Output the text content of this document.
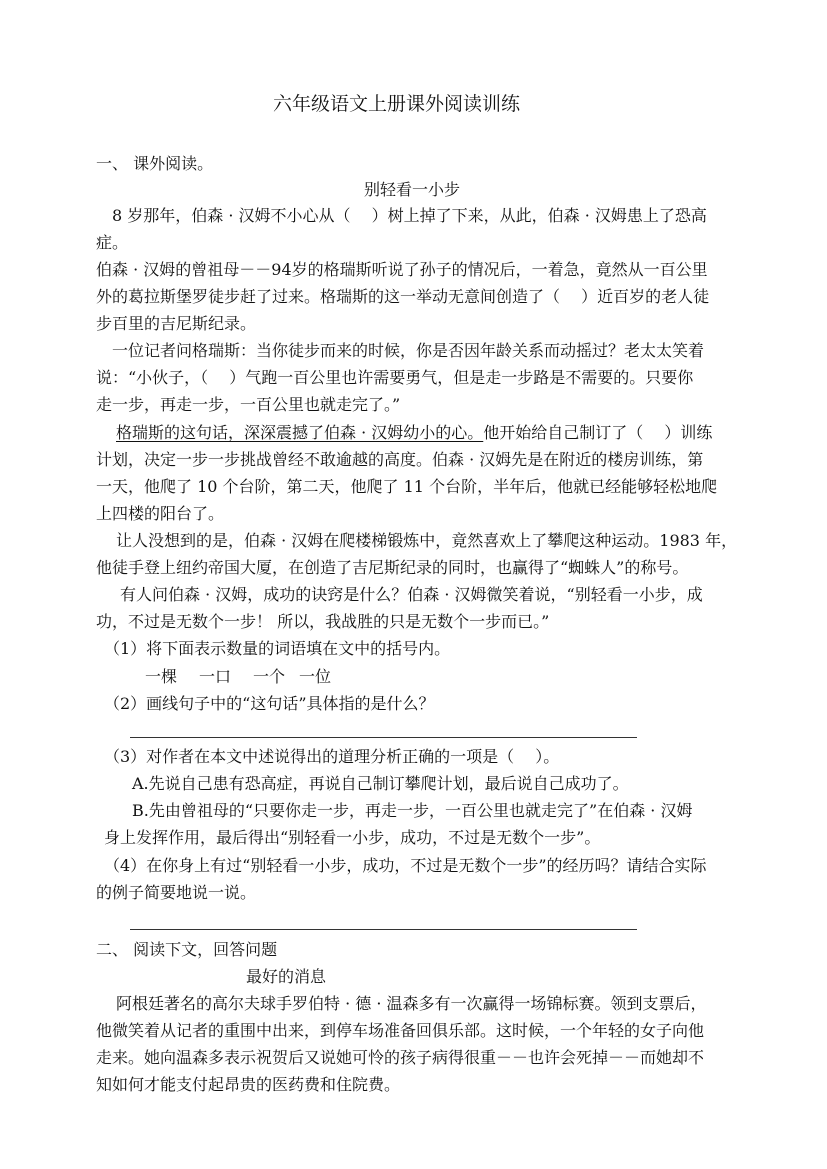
六年级语文上册课外阅读训练
一、 课外阅读。
别轻看一小步
8 岁那年，伯森 · 汉姆不小心从（　 ）树上掉了下来，从此，伯森 · 汉姆患上了恐高
症。
伯森 · 汉姆的曾祖母－－94岁的格瑞斯听说了孙子的情况后，一着急，竟然从一百公里
外的葛拉斯堡罗徒步赶了过来。格瑞斯的这一举动无意间创造了（　 ）近百岁的老人徒
步百里的吉尼斯纪录。
一位记者问格瑞斯：当你徒步而来的时候，你是否因年龄关系而动摇过？老太太笑着
说：“小伙子，（　 ）气跑一百公里也许需要勇气，但是走一步路是不需要的。只要你
走一步，再走一步，一百公里也就走完了。”
格瑞斯的这句话，深深震撼了伯森 · 汉姆幼小的心。他开始给自己制订了（　 ）训练
计划，决定一步一步挑战曾经不敢逾越的高度。伯森 · 汉姆先是在附近的楼房训练，第
一天，他爬了 10 个台阶，第二天，他爬了 11 个台阶，半年后，他就已经能够轻松地爬
上四楼的阳台了。
让人没想到的是，伯森 · 汉姆在爬楼梯锻炼中，竟然喜欢上了攀爬这种运动。1983 年，
他徒手登上纽约帝国大厦，在创造了吉尼斯纪录的同时，也赢得了“蜘蛛人”的称号。
有人问伯森 · 汉姆，成功的诀窍是什么？伯森 · 汉姆微笑着说，“别轻看一小步，成
功，不过是无数个一步！ 所以，我战胜的只是无数个一步而已。”
（1）将下面表示数量的词语填在文中的括号内。
一棵 一口 一个 一位
（2）画线句子中的“这句话”具体指的是什么？
（3）对作者在本文中述说得出的道理分析正确的一项是（　 ）。
A.先说自己患有恐高症，再说自己制订攀爬计划，最后说自己成功了。
B.先由曾祖母的“只要你走一步，再走一步，一百公里也就走完了”在伯森 · 汉姆
身上发挥作用，最后得出“别轻看一小步，成功，不过是无数个一步”。
（4）在你身上有过“别轻看一小步，成功，不过是无数个一步”的经历吗？请结合实际
的例子简要地说一说。
二、 阅读下文，回答问题
最好的消息
阿根廷著名的高尔夫球手罗伯特 · 德 · 温森多有一次赢得一场锦标赛。领到支票后，
他微笑着从记者的重围中出来，到停车场准备回俱乐部。这时候，一个年轻的女子向他
走来。她向温森多表示祝贺后又说她可怜的孩子病得很重－－也许会死掉－－而她却不
知如何才能支付起昂贵的医药费和住院费。
